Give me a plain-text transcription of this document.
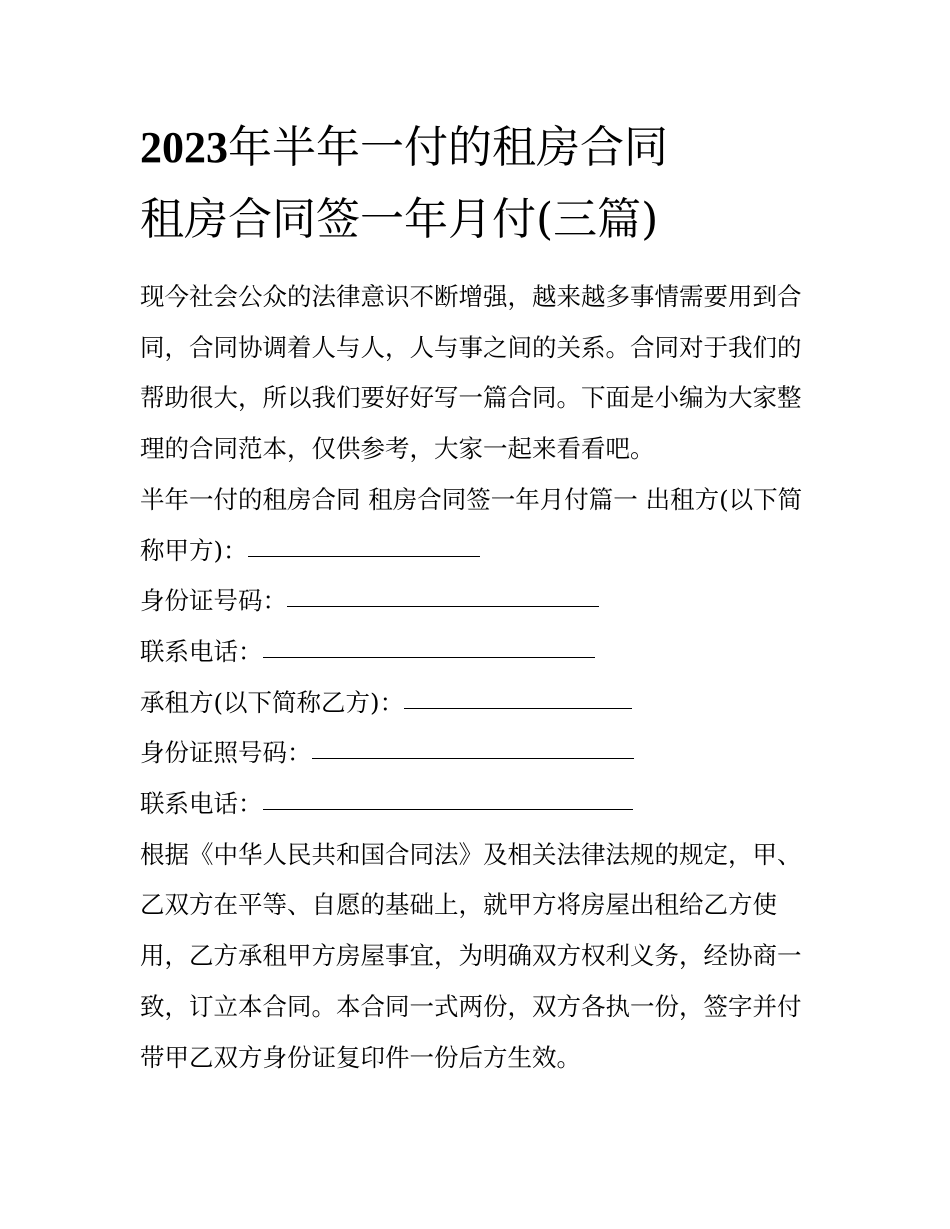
2023年半年一付的租房合同
租房合同签一年月付(三篇)

现今社会公众的法律意识不断增强，越来越多事情需要用到合同，合同协调着人与人，人与事之间的关系。合同对于我们的帮助很大，所以我们要好好写一篇合同。下面是小编为大家整理的合同范本，仅供参考，大家一起来看看吧。

半年一付的租房合同 租房合同签一年月付篇一 出租方(以下简

称甲方)：

身份证号码：

联系电话：

承租方(以下简称乙方)：

身份证照号码：

联系电话：

根据《中华人民共和国合同法》及相关法律法规的规定，甲、乙双方在平等、自愿的基础上，就甲方将房屋出租给乙方使用，乙方承租甲方房屋事宜，为明确双方权利义务，经协商一致，订立本合同。本合同一式两份，双方各执一份，签字并付带甲乙双方身份证复印件一份后方生效。
